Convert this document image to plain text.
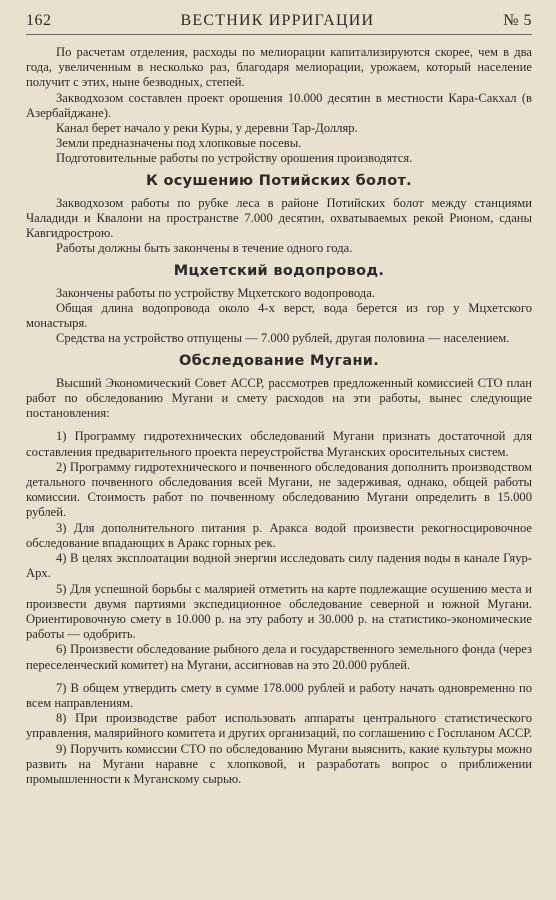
162	ВЕСТНИК ИРРИГАЦИИ	№ 5

По расчетам отделения, расходы по мелиорации капитализируются скорее, чем в два года, увеличенным в несколько раз, благодаря мелиорации, урожаем, который население получит с этих, ныне безводных, степей.

Закводхозом составлен проект орошения 10.000 десятин в местности Кара-Сакхал (в Азербайджане).

Канал берет начало у реки Куры, у деревни Тар-Долляр.

Земли предназначены под хлопковые посевы.

Подготовительные работы по устройству орошения производятся.

К осушению Потийских болот.

Закводхозом работы по рубке леса в районе Потийских болот между станциями Чаладиди и Квалони на пространстве 7.000 десятин, охватываемых рекой Рионом, сданы Кавгидрострою.

Работы должны быть закончены в течение одного года.

Мцхетский водопровод.

Закончены работы по устройству Мцхетского водопровода.

Общая длина водопровода около 4-х верст, вода берется из гор у Мцхетского монастыря.

Средства на устройство отпущены — 7.000 рублей, другая половина — населением.

Обследование Мугани.

Высший Экономический Совет АССР, рассмотрев предложенный комиссией СТО план работ по обследованию Мугани и смету расходов на эти работы, вынес следующие постановления:

1) Программу гидротехнических обследований Мугани признать достаточной для составления предварительного проекта переустройства Муганских оросительных систем.

2) Программу гидротехнического и почвенного обследования дополнить производством детального почвенного обследования всей Мугани, не задерживая, однако, общей работы комиссии. Стоимость работ по почвенному обследованию Мугани определить в 15.000 рублей.

3) Для дополнительного питания р. Аракса водой произвести рекогносцировочное обследование впадающих в Аракс горных рек.

4) В целях эксплоатации водной энергии исследовать силу падения воды в канале Гяур-Арх.

5) Для успешной борьбы с малярией отметить на карте подлежащие осушению места и произвести двумя партиями экспедиционное обследование северной и южной Мугани. Ориентировочную смету в 10.000 р. на эту работу и 30.000 р. на статистико-экономические работы — одобрить.

6) Произвести обследование рыбного дела и государственного земельного фонда (через переселенческий комитет) на Мугани, ассигновав на это 20.000 рублей.

7) В общем утвердить смету в сумме 178.000 рублей и работу начать одновременно по всем направлениям.

8) При производстве работ использовать аппараты центрального статистического управления, малярийного комитета и других организаций, по соглашению с Госпланом АССР.

9) Поручить комиссии СТО по обследованию Мугани выяснить, какие культуры можно развить на Мугани наравне с хлопковой, и разработать вопрос о приближении промышленности к Муганскому сырью.
